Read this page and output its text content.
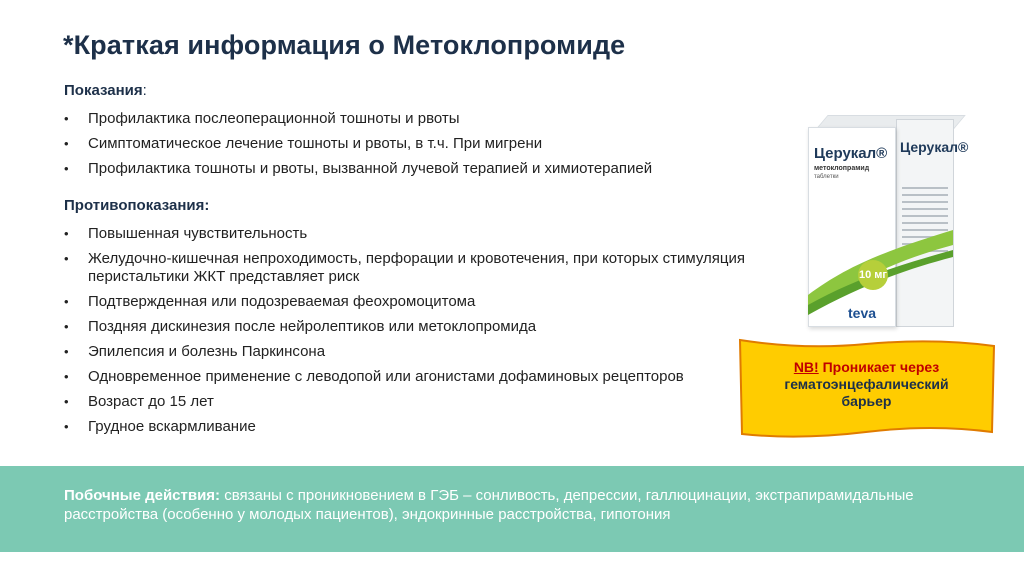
*Краткая информация о Метоклопромиде
Показания:
• Профилактика послеоперационной тошноты и рвоты
• Симптоматическое лечение тошноты и рвоты, в т.ч. При мигрени
• Профилактика тошноты и рвоты, вызванной лучевой терапией и химиотерапией
Противопоказания:
• Повышенная чувствительность
• Желудочно-кишечная непроходимость, перфорации и кровотечения, при которых стимуляция перистальтики ЖКТ представляет риск
• Подтвержденная или подозреваемая феохромоцитома
• Поздняя дискинезия после нейролептиков или метоклопромида
• Эпилепсия и болезнь Паркинсона
• Одновременное применение с леводопой или агонистами дофаминовых рецепторов
• Возраст до 15 лет
• Грудное вскармливание
Церукал® Церукал®
метоклопрамид
таблетки
10 мг
teva
NB! Проникает через
гематоэнцефалический
барьер
Побочные действия: связаны с проникновением в ГЭБ – сонливость, депрессии, галлюцинации, экстрапирамидальные расстройства (особенно у молодых пациентов), эндокринные расстройства, гипотония
